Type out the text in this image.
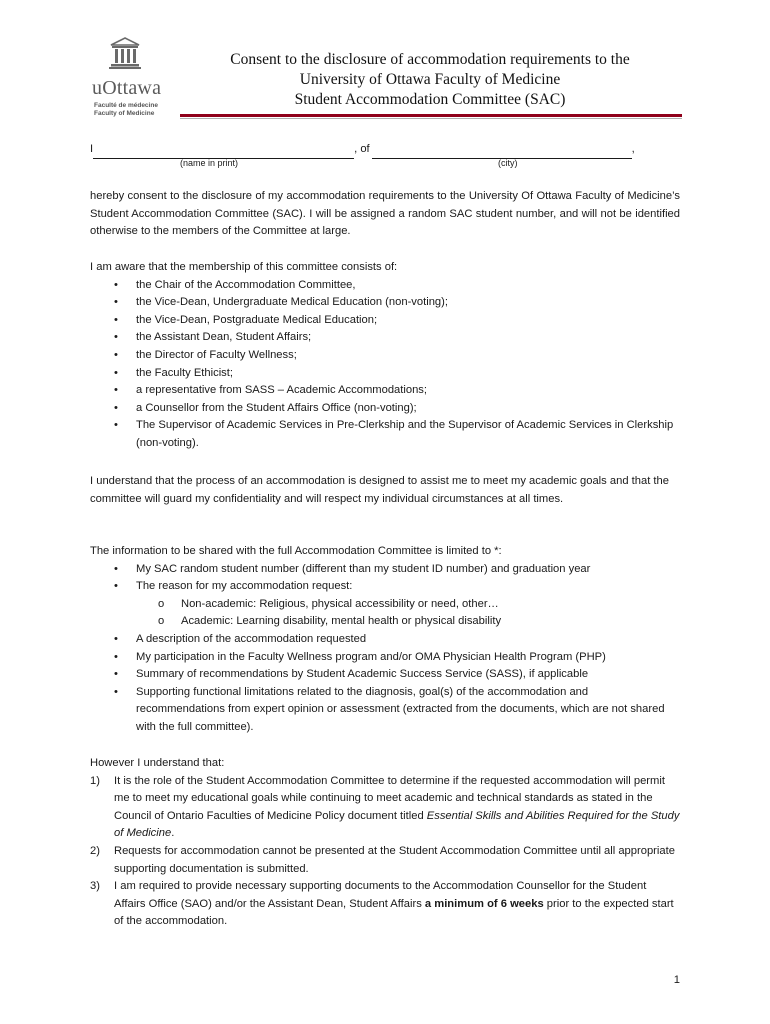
uOttawa
Faculté de médecine
Faculty of Medicine
Consent to the disclosure of accommodation requirements to the
University of Ottawa Faculty of Medicine
Student Accommodation Committee (SAC)
I	, of	,
(name in print)	(city)
hereby consent to the disclosure of my accommodation requirements to the University Of Ottawa Faculty of Medicine’s Student Accommodation Committee (SAC). I will be assigned a random SAC student number, and will not be identified otherwise to the members of the Committee at large.
I am aware that the membership of this committee consists of:
• the Chair of the Accommodation Committee,
• the Vice-Dean, Undergraduate Medical Education (non-voting);
• the Vice-Dean, Postgraduate Medical Education;
• the Assistant Dean, Student Affairs;
• the Director of Faculty Wellness;
• the Faculty Ethicist;
• a representative from SASS – Academic Accommodations;
• a Counsellor from the Student Affairs Office (non-voting);
• The Supervisor of Academic Services in Pre-Clerkship and the Supervisor of Academic Services in Clerkship (non-voting).
I understand that the process of an accommodation is designed to assist me to meet my academic goals and that the committee will guard my confidentiality and will respect my individual circumstances at all times.
The information to be shared with the full Accommodation Committee is limited to *:
• My SAC random student number (different than my student ID number) and graduation year
• The reason for my accommodation request:
o Non-academic: Religious, physical accessibility or need, other…
o Academic: Learning disability, mental health or physical disability
• A description of the accommodation requested
• My participation in the Faculty Wellness program and/or OMA Physician Health Program (PHP)
• Summary of recommendations by Student Academic Success Service (SASS), if applicable
• Supporting functional limitations related to the diagnosis, goal(s) of the accommodation and recommendations from expert opinion or assessment (extracted from the documents, which are not shared with the full committee).
However I understand that:
1) It is the role of the Student Accommodation Committee to determine if the requested accommodation will permit me to meet my educational goals while continuing to meet academic and technical standards as stated in the Council of Ontario Faculties of Medicine Policy document titled Essential Skills and Abilities Required for the Study of Medicine.
2) Requests for accommodation cannot be presented at the Student Accommodation Committee until all appropriate supporting documentation is submitted.
3) I am required to provide necessary supporting documents to the Accommodation Counsellor for the Student Affairs Office (SAO) and/or the Assistant Dean, Student Affairs a minimum of 6 weeks prior to the expected start of the accommodation.
1
